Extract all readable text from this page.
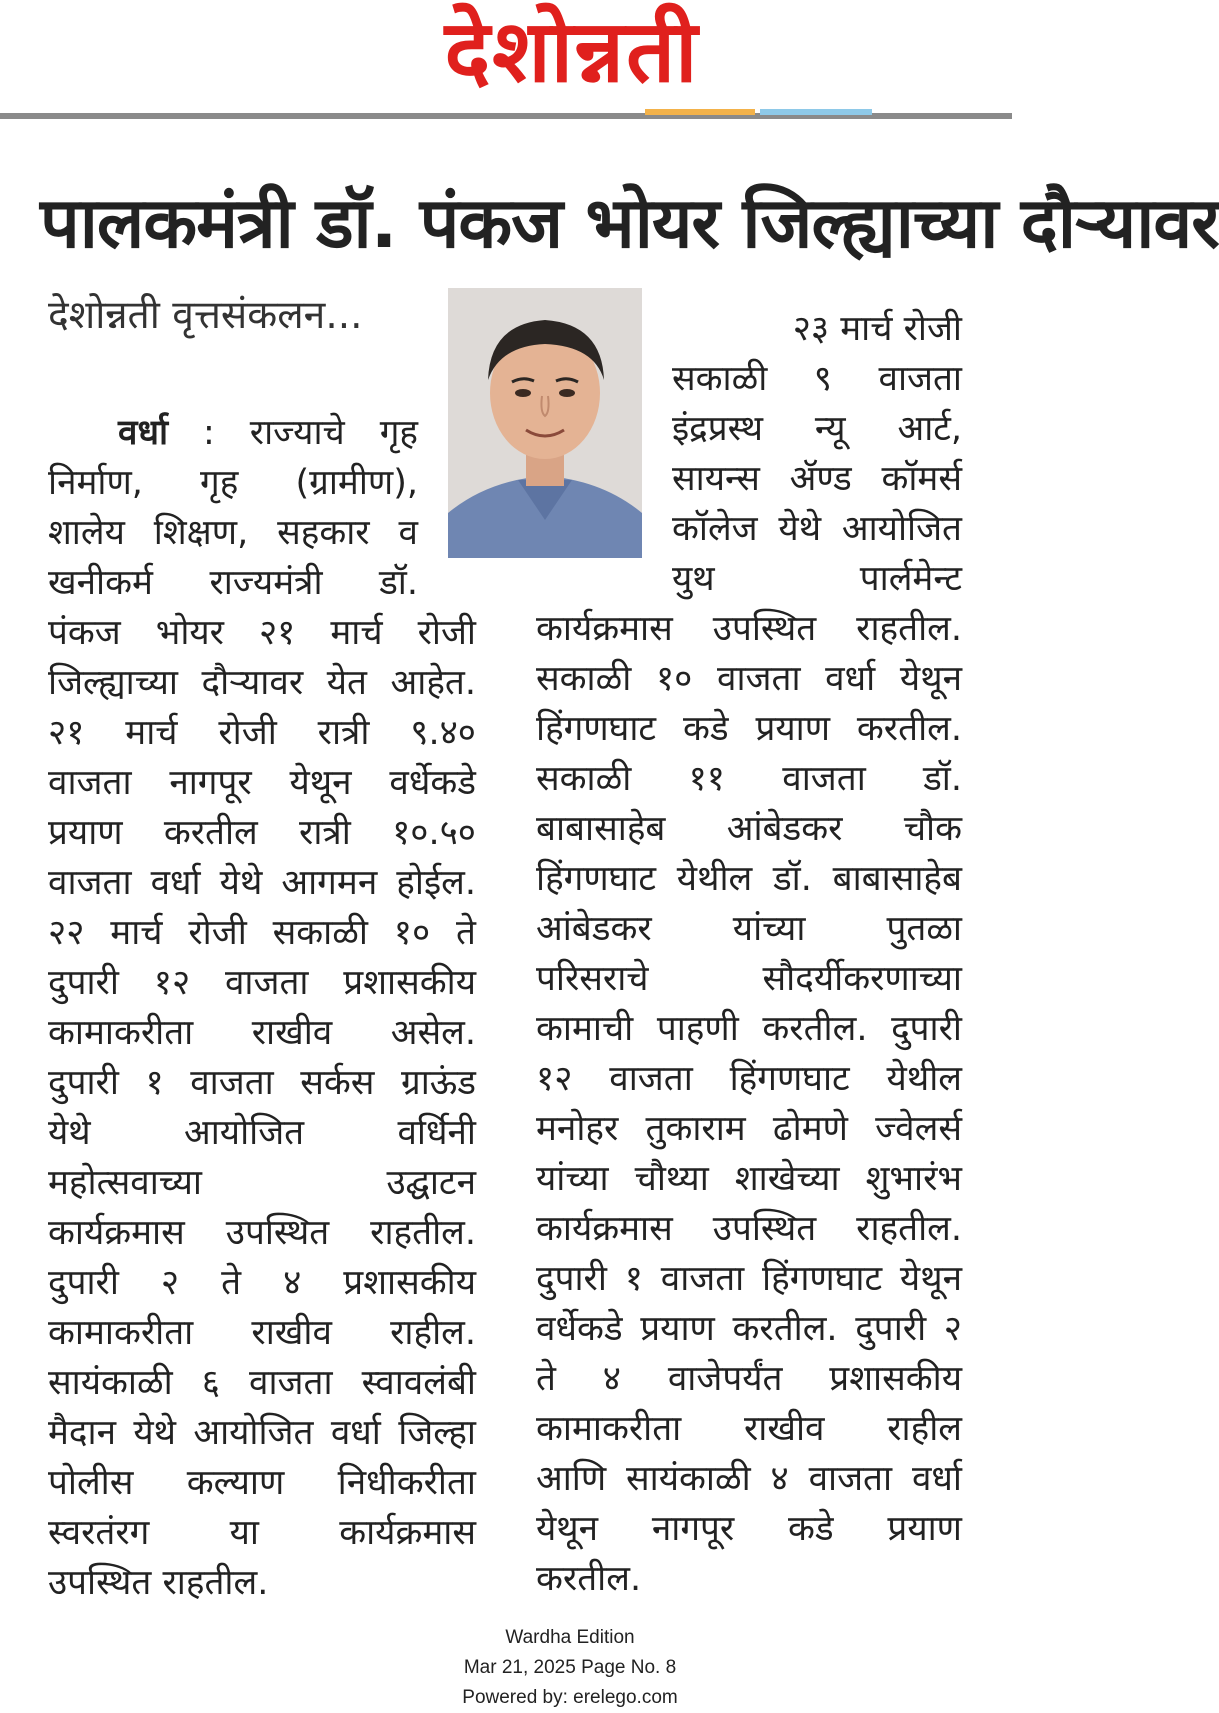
देशोन्नती
पालकमंत्री डॉ. पंकज भोयर जिल्ह्याच्या दौऱ्यावर
देशोन्नती वृत्तसंकलन...
  वर्धा : राज्याचे गृह
निर्माण, गृह (ग्रामीण),
शालेय शिक्षण, सहकार व
खनीकर्म राज्यमंत्री डॉ.
पंकज भोयर २१ मार्च रोजी
जिल्ह्याच्या दौऱ्यावर येत आहेत.
२१ मार्च रोजी रात्री ९.४०
वाजता नागपूर येथून वर्धेकडे
प्रयाण करतील रात्री १०.५०
वाजता वर्धा येथे आगमन होईल.
२२ मार्च रोजी सकाळी १० ते
दुपारी १२ वाजता प्रशासकीय
कामाकरीता राखीव असेल.
दुपारी १ वाजता सर्कस ग्राऊंड
येथे आयोजित वर्धिनी
महोत्सवाच्या उद्घाटन
कार्यक्रमास उपस्थित राहतील.
दुपारी २ ते ४ प्रशासकीय
कामाकरीता राखीव राहील.
सायंकाळी ६ वाजता स्वावलंबी
मैदान येथे आयोजित वर्धा जिल्हा
पोलीस कल्याण निधीकरीता
स्वरतंरग या कार्यक्रमास
उपस्थित राहतील.
२३ मार्च रोजी
सकाळी ९ वाजता
इंद्रप्रस्थ न्यू आर्ट,
सायन्स ॲण्ड कॉमर्स
कॉलेज येथे आयोजित
युथ पार्लमेन्ट
कार्यक्रमास उपस्थित राहतील.
सकाळी १० वाजता वर्धा येथून
हिंगणघाट कडे प्रयाण करतील.
सकाळी ११ वाजता डॉ.
बाबासाहेब आंबेडकर चौक
हिंगणघाट येथील डॉ. बाबासाहेब
आंबेडकर यांच्या पुतळा
परिसराचे सौदर्यीकरणाच्या
कामाची पाहणी करतील. दुपारी
१२ वाजता हिंगणघाट येथील
मनोहर तुकाराम ढोमणे ज्वेलर्स
यांच्या चौथ्या शाखेच्या शुभारंभ
कार्यक्रमास उपस्थित राहतील.
दुपारी १ वाजता हिंगणघाट येथून
वर्धेकडे प्रयाण करतील. दुपारी २
ते ४ वाजेपर्यंत प्रशासकीय
कामाकरीता राखीव राहील
आणि सायंकाळी ४ वाजता वर्धा
येथून नागपूर कडे प्रयाण
करतील.
Wardha Edition
Mar 21, 2025 Page No. 8
Powered by: erelego.com
